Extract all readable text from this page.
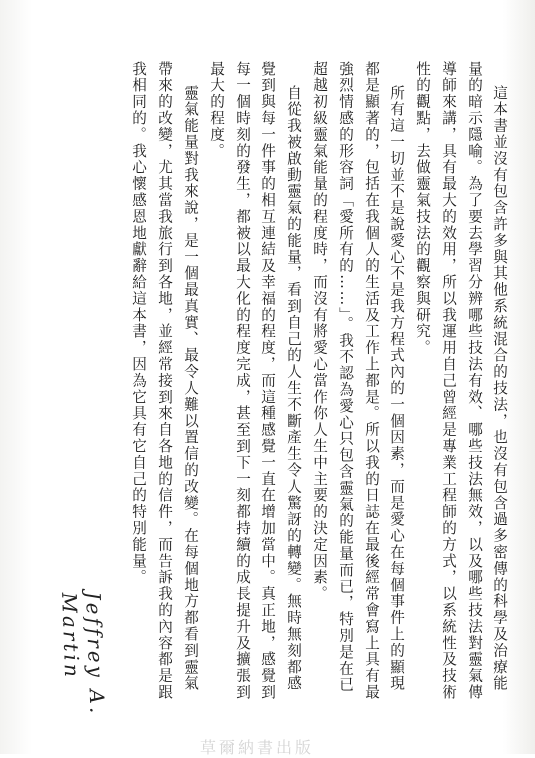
這本書並沒有包含許多與其他系統混合的技法，也沒有包含過多密傳的科學及治療能
量的暗示隱喻。為了要去學習分辨哪些技法有效、哪些技法無效，以及哪些技法對靈氣傳
導師來講，具有最大的效用，所以我運用自己曾經是專業工程師的方式，以系統性及技術
性的觀點，去做靈氣技法的觀察與研究。
所有這一切並不是說愛心不是我方程式內的一個因素，而是愛心在每個事件上的顯現
都是顯著的，包括在我個人的生活及工作上都是。所以我的日誌在最後經常會寫上具有最
強烈情感的形容詞「愛所有的……」。我不認為愛心只包含靈氣的能量而已，特別是在已
超越初級靈氣能量的程度時，而沒有將愛心當作你人生中主要的決定因素。
自從我被啟動靈氣的能量，看到自己的人生不斷產生令人驚訝的轉變。無時無刻都感
覺到與每一件事的相互連結及幸福的程度，而這種感覺一直在增加當中。真正地，感覺到
每一個時刻的發生，都被以最大化的程度完成，甚至到下一刻都持續的成長提升及擴張到
最大的程度。
靈氣能量對我來說，是一個最真實、最令人難以置信的改變。在每個地方都看到靈氣
帶來的改變，尤其當我旅行到各地，並經常接到來自各地的信件，而告訴我的內容都是跟
我相同的。我心懷感恩地獻辭給這本書，因為它具有它自己的特別能量。
Jeffrey A. Martin
草爾納書出版
